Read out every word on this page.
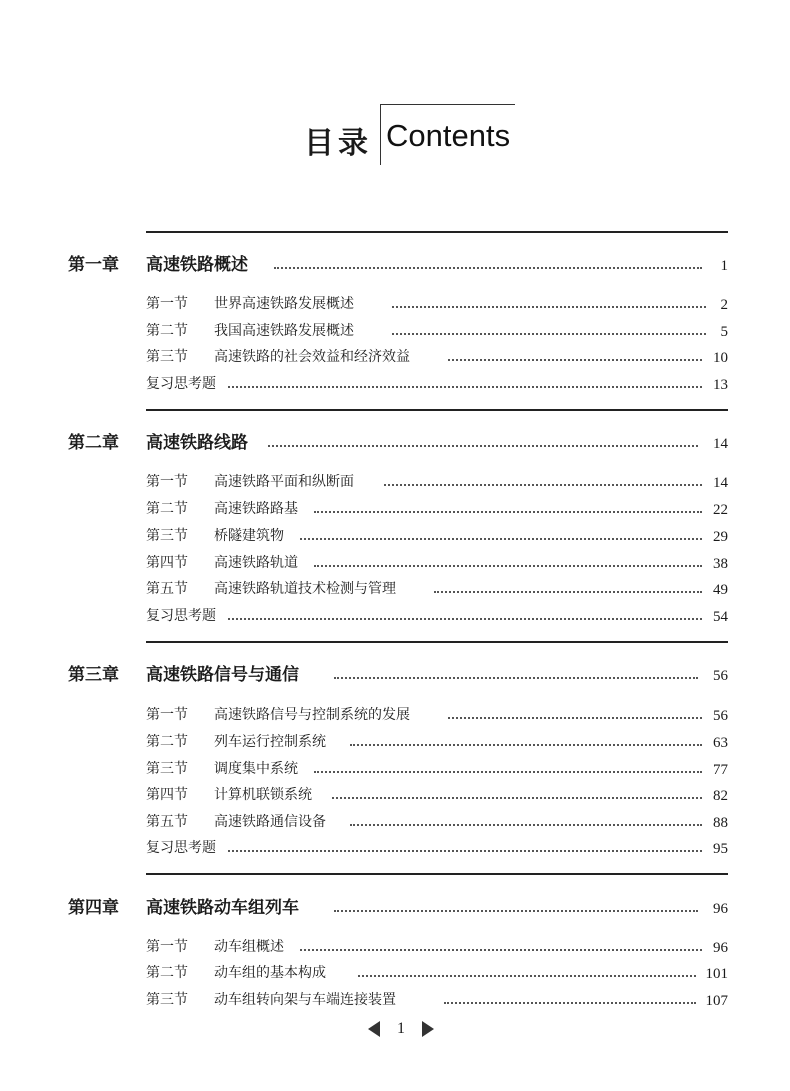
目录 Contents
第一章 高速铁路概述	1
第一节 世界高速铁路发展概述	2
第二节 我国高速铁路发展概述	5
第三节 高速铁路的社会效益和经济效益	10
复习思考题	13
第二章 高速铁路线路	14
第一节 高速铁路平面和纵断面	14
第二节 高速铁路路基	22
第三节 桥隧建筑物	29
第四节 高速铁路轨道	38
第五节 高速铁路轨道技术检测与管理	49
复习思考题	54
第三章 高速铁路信号与通信	56
第一节 高速铁路信号与控制系统的发展	56
第二节 列车运行控制系统	63
第三节 调度集中系统	77
第四节 计算机联锁系统	82
第五节 高速铁路通信设备	88
复习思考题	95
第四章 高速铁路动车组列车	96
第一节 动车组概述	96
第二节 动车组的基本构成	101
第三节 动车组转向架与车端连接装置	107
1
